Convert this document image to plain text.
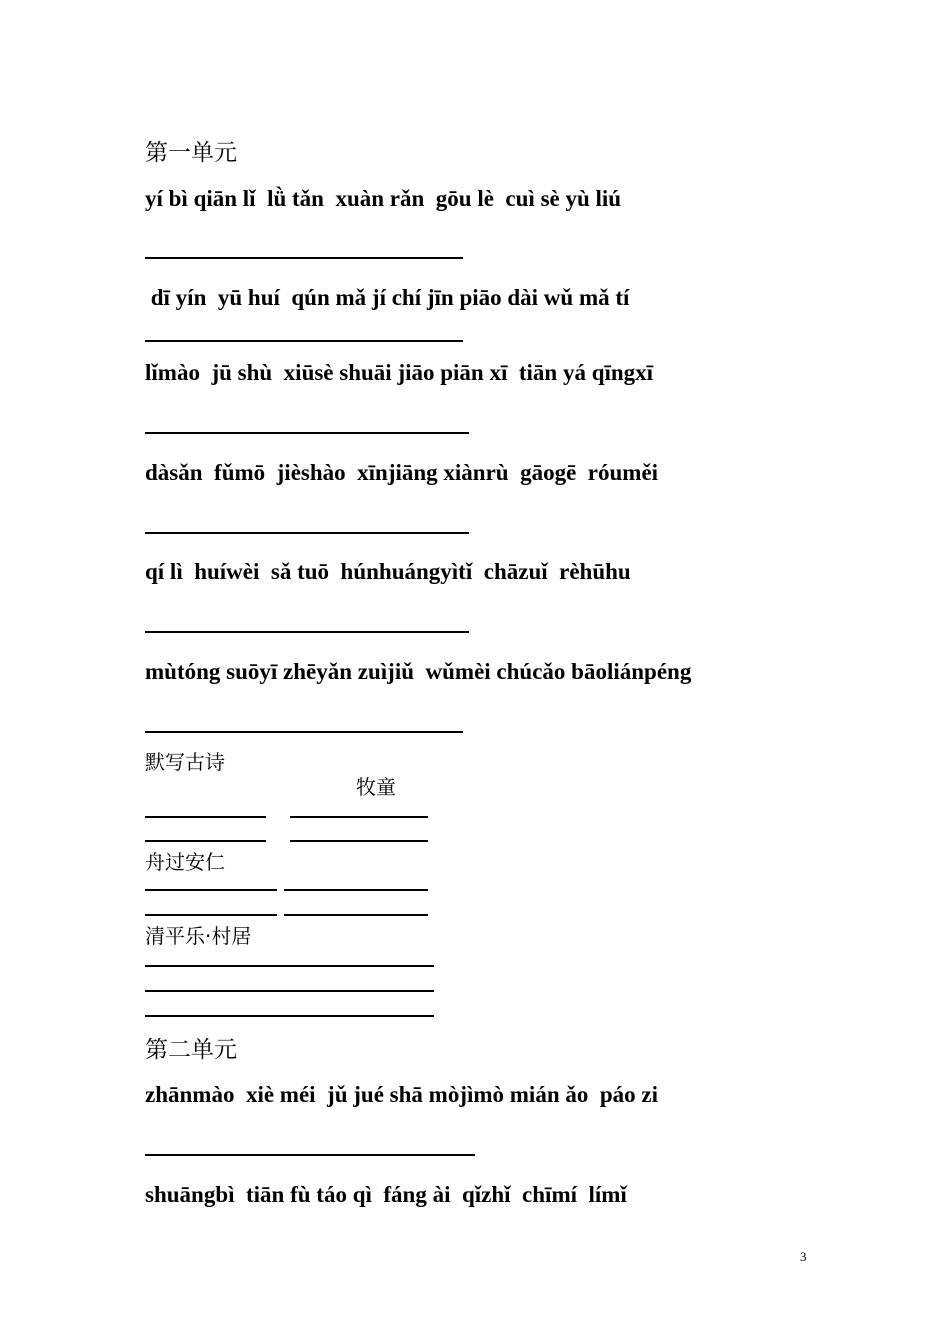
第一单元
yí bì qiān lǐ  lǜ tǎn  xuàn rǎn  gōu lè  cuì sè yù liú
dī yín  yū huí  qún mǎ jí chí jīn piāo dài wǔ mǎ tí
lǐmào  jū shù  xiūsè shuāi jiāo piān xī  tiān yá qīngxī
dàsǎn  fǔmō  jièshào  xīnjiāng xiànrù  gāogē  róuměi
qí lì  huíwèi  sǎ tuō  húnhuángyìtǐ  chāzuǐ  rèhūhu
mùtóng suōyī zhēyǎn zuìjiǔ  wǔmèi chúcǎo bāoliánpéng
默写古诗
牧童
舟过安仁
清平乐·村居
第二单元
zhānmào  xiè méi  jǔ jué shā mòjìmò mián ǎo  páo zi
shuāngbì  tiān fù táo qì  fáng ài  qǐzhǐ  chīmí  límǐ
3
